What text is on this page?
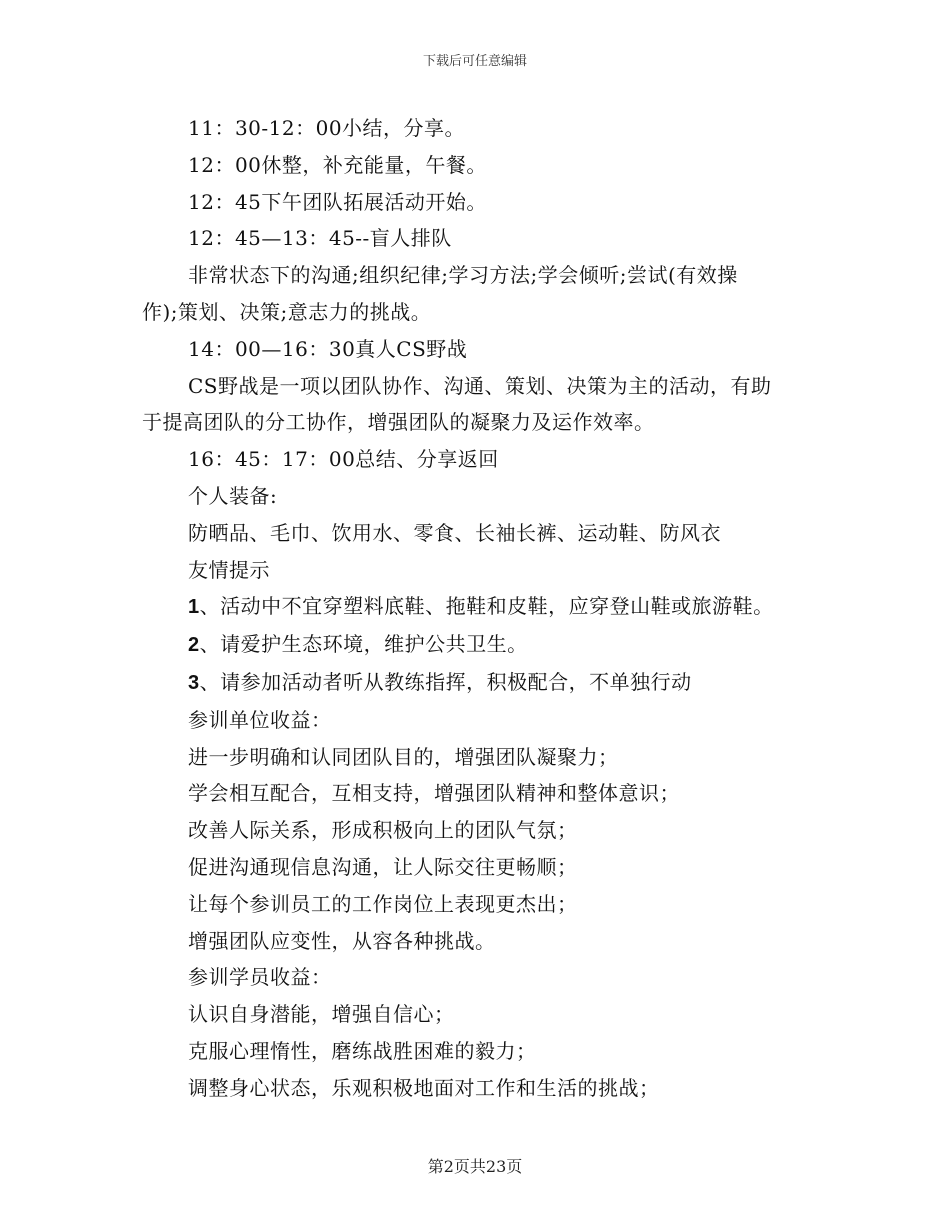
下载后可任意编辑
11：30-12：00小结，分享。
12：00休整，补充能量，午餐。
12：45下午团队拓展活动开始。
12：45—13：45--盲人排队
非常状态下的沟通;组织纪律;学习方法;学会倾听;尝试(有效操
作);策划、决策;意志力的挑战。
14：00—16：30真人CS野战
CS野战是一项以团队协作、沟通、策划、决策为主的活动，有助
于提高团队的分工协作，增强团队的凝聚力及运作效率。
16：45：17：00总结、分享返回
个人装备:
防晒品、毛巾、饮用水、零食、长袖长裤、运动鞋、防风衣
友情提示
1、活动中不宜穿塑料底鞋、拖鞋和皮鞋，应穿登山鞋或旅游鞋。
2、请爱护生态环境，维护公共卫生。
3、请参加活动者听从教练指挥，积极配合，不单独行动
参训单位收益：
进一步明确和认同团队目的，增强团队凝聚力；
学会相互配合，互相支持，增强团队精神和整体意识；
改善人际关系，形成积极向上的团队气氛；
促进沟通现信息沟通，让人际交往更畅顺；
让每个参训员工的工作岗位上表现更杰出；
增强团队应变性，从容各种挑战。
参训学员收益：
认识自身潜能，增强自信心；
克服心理惰性，磨练战胜困难的毅力；
调整身心状态，乐观积极地面对工作和生活的挑战；
第2页共23页
